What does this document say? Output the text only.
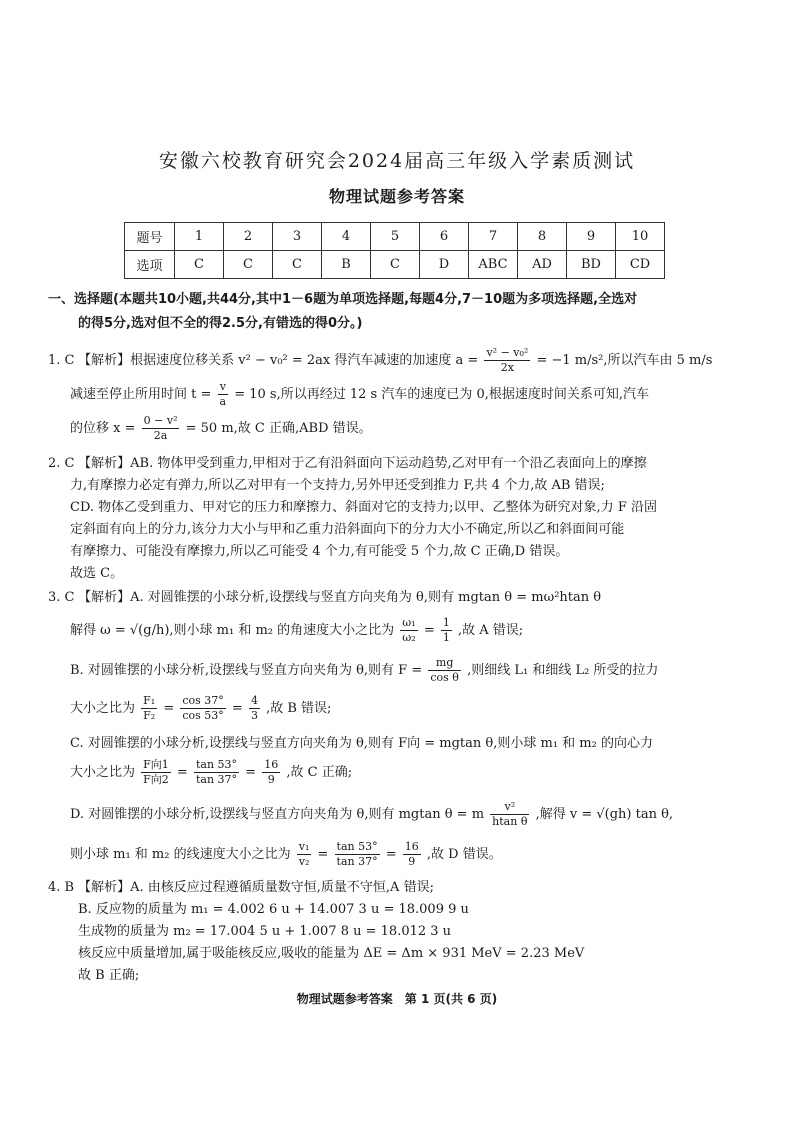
安徽六校教育研究会2024届高三年级入学素质测试
物理试题参考答案
题号	1	2	3	4	5	6	7	8	9	10
选项	C	C	C	B	C	D	ABC	AD	BD	CD
一、选择题(本题共10小题,共44分,其中1－6题为单项选择题,每题4分,7－10题为多项选择题,全选对
的得5分,选对但不全的得2.5分,有错选的得0分。)
1. C 【解析】根据速度位移关系 v² − v₀² = 2ax 得汽车减速的加速度 $a = \frac{\text{v² − v₀²}}{2x} = -1$ m/s²,所以汽车由 5 m/s
减速至停止所用时间 $t = \frac{v}{a} = 10$ s,所以再经过 12 s 汽车的速度已为 0,根据速度时间关系可知,汽车
的位移 $x = \frac{\text{0 − v²}}{2a} = 50$ m,故 C 正确,ABD 错误。
2. C 【解析】AB. 物体甲受到重力,甲相对于乙有沿斜面向下运动趋势,乙对甲有一个沿乙表面向上的摩擦
力,有摩擦力必定有弹力,所以乙对甲有一个支持力,另外甲还受到推力 F,共 4 个力,故 AB 错误;
CD. 物体乙受到重力、甲对它的压力和摩擦力、斜面对它的支持力;以甲、乙整体为研究对象,力 F 沿固
定斜面有向上的分力,该分力大小与甲和乙重力沿斜面向下的分力大小不确定,所以乙和斜面间可能
有摩擦力、可能没有摩擦力,所以乙可能受 4 个力,有可能受 5 个力,故 C 正确,D 错误。
故选 C。
3. C 【解析】A. 对圆锥摆的小球分析,设摆线与竖直方向夹角为 θ,则有 mgtan θ = mω²htan θ
解得 ω = √(g/h),则小球 m₁ 和 m₂ 的角速度大小之比为 $\frac{\text{ω₁}}{\text{ω₂}} = \frac{1}{1}$ ,故 A 错误;
B. 对圆锥摆的小球分析,设摆线与竖直方向夹角为 θ,则有 $F = \frac{mg}{\text{cos θ}}$ ,则细线 L₁ 和细线 L₂ 所受的拉力
大小之比为 $\frac{\text{F₁}}{\text{F₂}} = \frac{\cos 37^\circ}{\cos 53^\circ} = \frac{4}{3}$ ,故 B 错误;
C. 对圆锥摆的小球分析,设摆线与竖直方向夹角为 θ,则有 F向 = mgtan θ,则小球 m₁ 和 m₂ 的向心力
大小之比为 $\frac{\text{F向1}}{\text{F向2}} = \frac{\tan 53^\circ}{\tan 37^\circ} = \frac{16}{9}$ ,故 C 正确;
D. 对圆锥摆的小球分析,设摆线与竖直方向夹角为 θ,则有 mgtan θ = m $\frac{\text{v²}}{\text{htan θ}}$ ,解得 v = √(gh) tan θ,
则小球 m₁ 和 m₂ 的线速度大小之比为 $\frac{\text{v₁}}{\text{v₂}} = \frac{\tan 53^\circ}{\tan 37^\circ} = \frac{16}{9}$ ,故 D 错误。
4. B 【解析】A. 由核反应过程遵循质量数守恒,质量不守恒,A 错误;
B. 反应物的质量为 m₁ = 4.002 6 u + 14.007 3 u = 18.009 9 u
生成物的质量为 m₂ = 17.004 5 u + 1.007 8 u = 18.012 3 u
核反应中质量增加,属于吸能核反应,吸收的能量为 ΔE = Δm × 931 MeV = 2.23 MeV
故 B 正确;
物理试题参考答案　第 1 页(共 6 页)
